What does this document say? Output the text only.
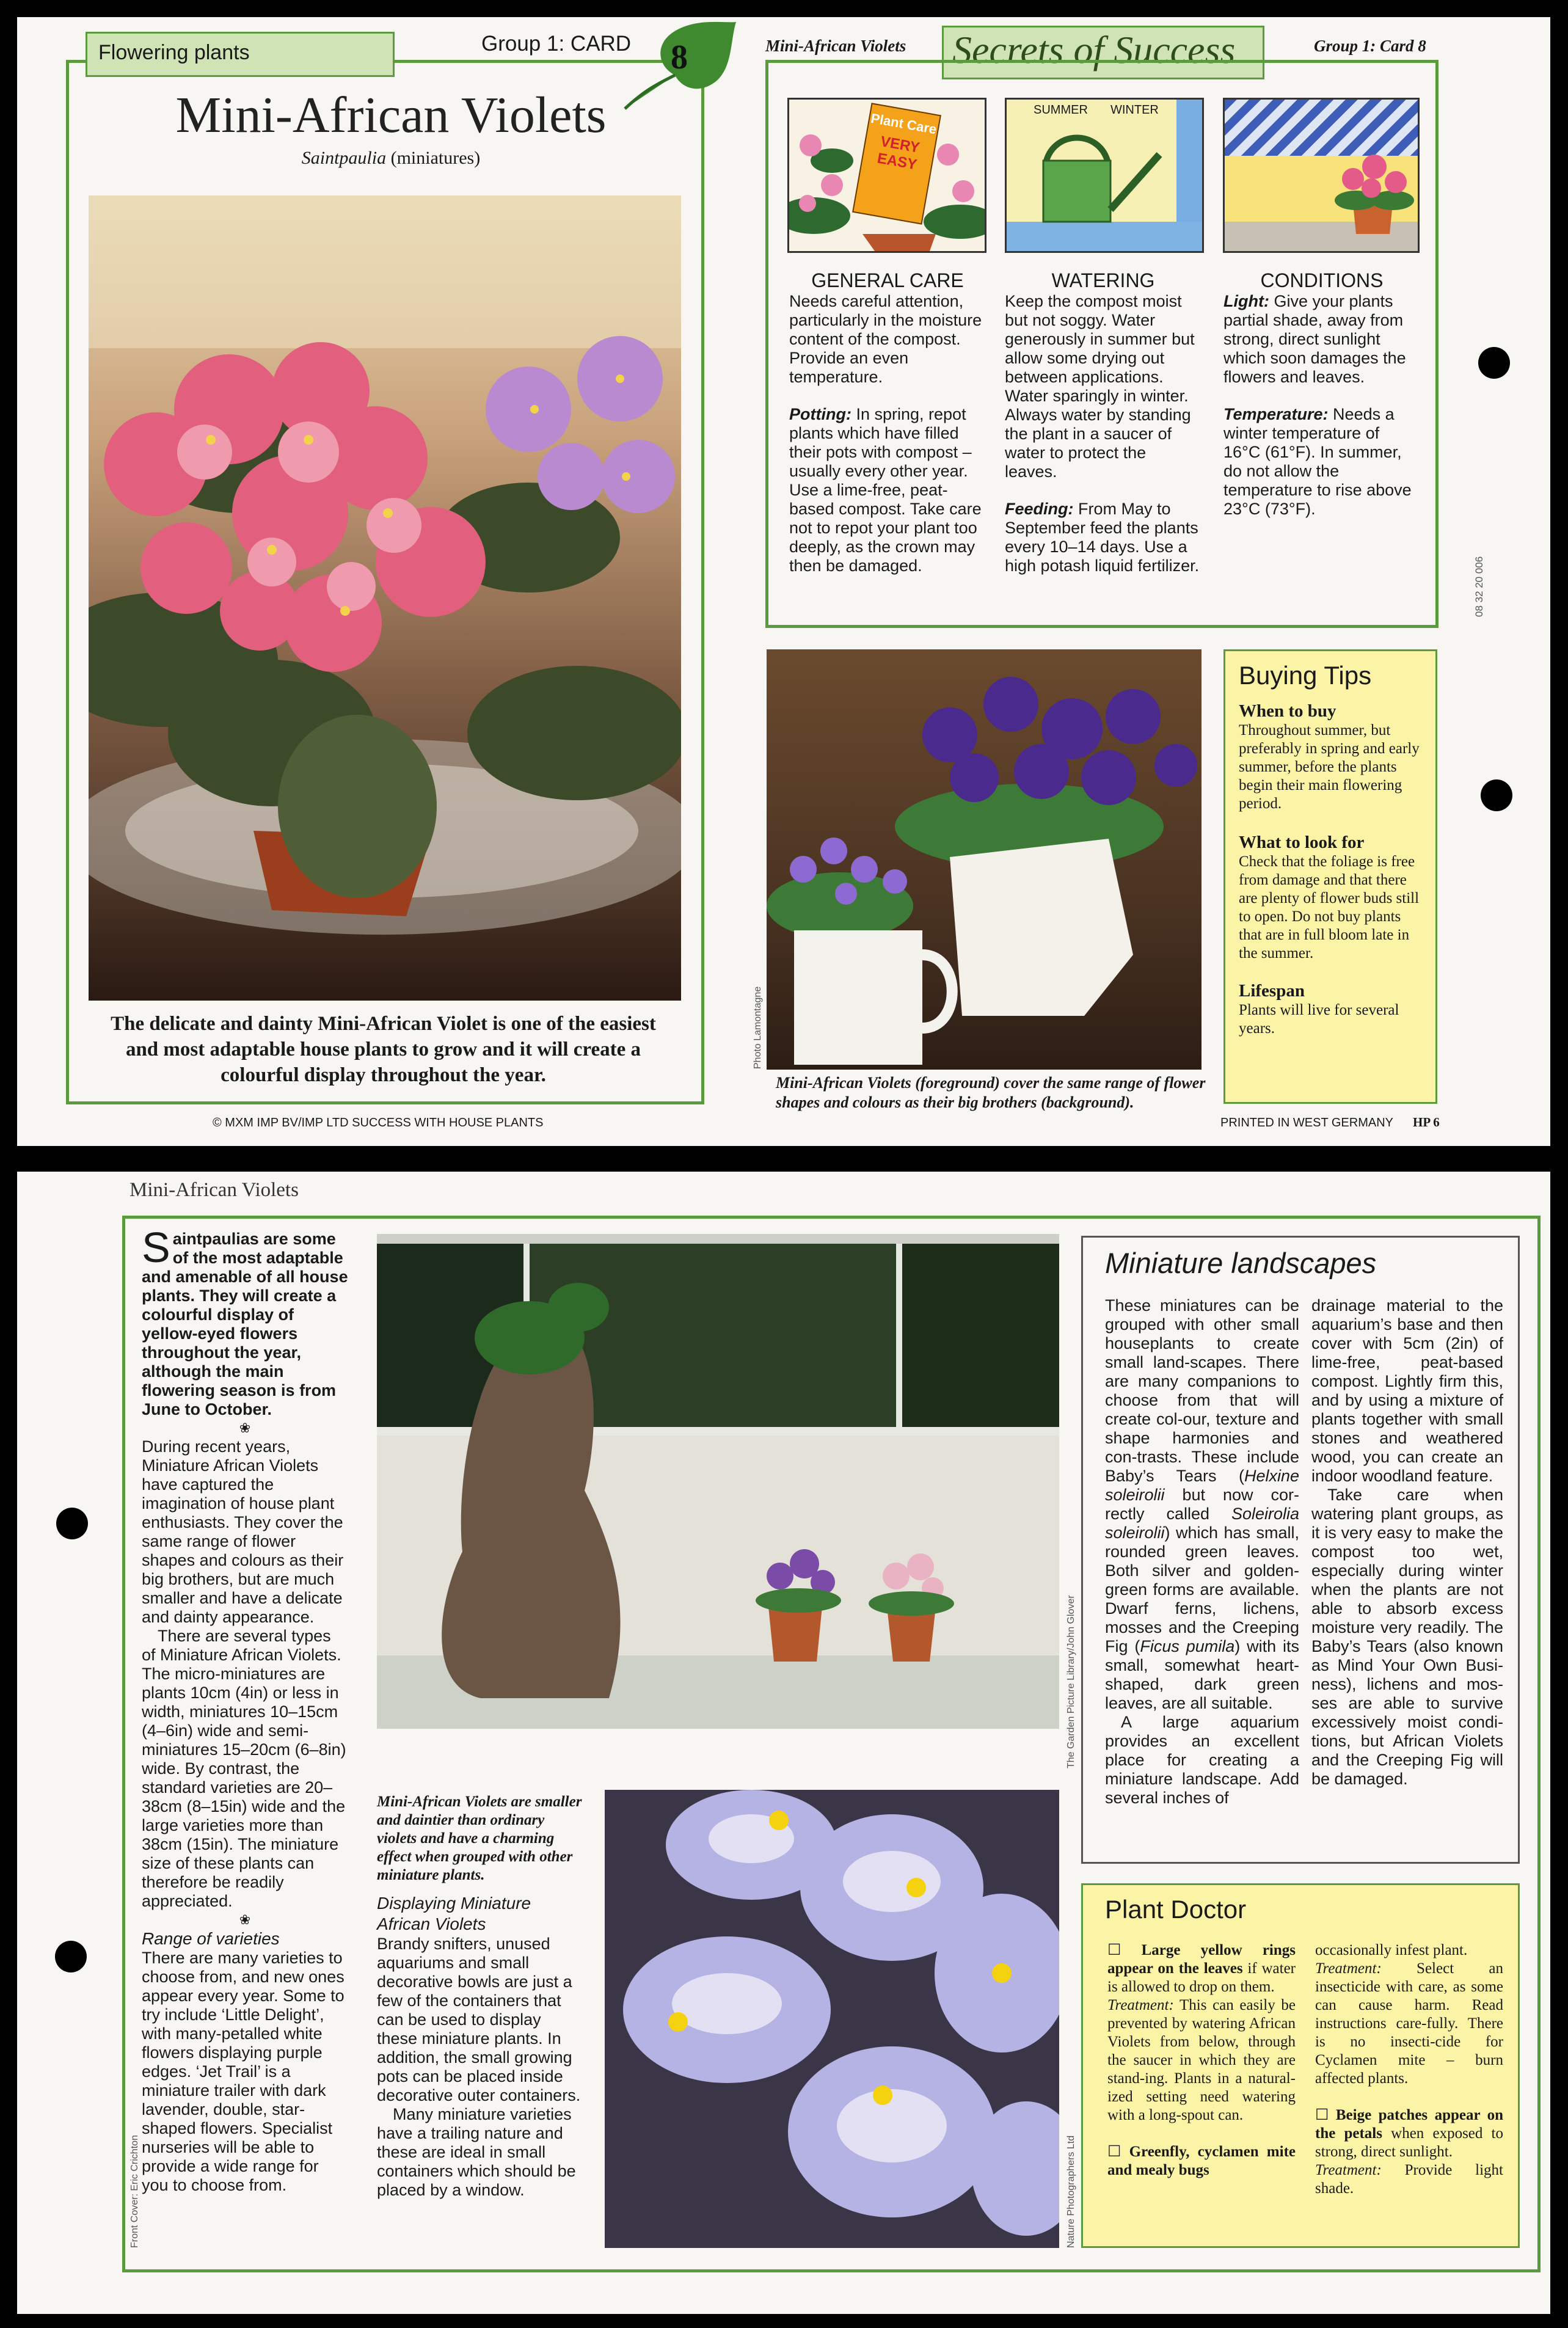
Flowering plants	Group 1: CARD 8
Mini-African Violets
Saintpaulia (miniatures)
The delicate and dainty Mini-African Violet is one of the easiest and most adaptable house plants to grow and it will create a colourful display throughout the year.
© MXM IMP BV/IMP LTD SUCCESS WITH HOUSE PLANTS
Mini-African Violets Secrets of Success	Group 1: Card 8
Plant Care
VERY
EASY
SUMMER WINTER
GENERAL CARE

Needs careful attention, particularly in the moisture content of the compost. Provide an even temperature.

Potting: In spring, repot plants which have filled their pots with compost – usually every other year. Use a lime-free, peat-based compost. Take care not to repot your plant too deeply, as the crown may then be damaged.

WATERING

Keep the compost moist but not soggy. Water generously in summer but allow some drying out between applications. Water sparingly in winter. Always water by standing the plant in a saucer of water to protect the leaves.

Feeding: From May to September feed the plants every 10–14 days. Use a high potash liquid fertilizer.

CONDITIONS

Light: Give your plants partial shade, away from strong, direct sunlight which soon damages the flowers and leaves.

Temperature: Needs a winter temperature of 16°C (61°F). In summer, do not allow the temperature to rise above 23°C (73°F).

08 32 20 006
Photo Lamontagne
Mini-African Violets (foreground) cover the same range of flower shapes and colours as their big brothers (background).
Buying Tips
When to buy

Throughout summer, but preferably in spring and early summer, before the plants begin their main flowering period.

What to look for

Check that the foliage is free from damage and that there are plenty of flower buds still to open. Do not buy plants that are in full bloom late in the summer.

Lifespan

Plants will live for several years.

PRINTED IN WEST GERMANY HP 6
Mini-African Violets

Saintpaulias are some of the most adaptable and amenable of all house plants. They will create a colourful display of yellow-eyed flowers throughout the year, although the main flowering season is from June to October.

❀

During recent years, Miniature African Violets have captured the imagination of house plant enthusiasts. They cover the same range of flower shapes and colours as their big brothers, but are much smaller and have a delicate and dainty appearance.

There are several types of Miniature African Violets. The micro-miniatures are plants 10cm (4in) or less in width, miniatures 10–15cm (4–6in) wide and semi-miniatures 15–20cm (6–8in) wide. By contrast, the standard varieties are 20–38cm (8–15in) wide and the large varieties more than 38cm (15in). The miniature size of these plants can therefore be readily appreciated.

❀
Range of varieties

There are many varieties to choose from, and new ones appear every year. Some to try include ‘Little Delight’, with many-petalled white flowers displaying purple edges. ‘Jet Trail’ is a miniature trailer with dark lavender, double, star-shaped flowers. Specialist nurseries will be able to provide a wide range for you to choose from.

Front Cover: Eric Crichton
The Garden Picture Library/John Glover

Mini-African Violets are smaller and daintier than ordinary violets and have a charming effect when grouped with other miniature plants.

Displaying Miniature African Violets

Brandy snifters, unused aquariums and small decorative bowls are just a few of the containers that can be used to display these miniature plants. In addition, the small growing pots can be placed inside decorative outer containers.

Many miniature varieties have a trailing nature and these are ideal in small containers which should be placed by a window.	Nature Photographers Ltd
Miniature landscapes
These miniatures can be grouped with other small houseplants to create small land-scapes. There are many companions to choose from that will create col-our, texture and shape harmonies and con-trasts. These include Baby’s Tears (Helxine soleirolii but now cor-rectly called Soleirolia soleirolii) which has small, rounded green leaves. Both silver and golden-green forms are available. Dwarf ferns, lichens, mosses and the Creeping Fig (Ficus pumila) with its small, somewhat heart-shaped, dark green leaves, are all suitable.

A large aquarium provides an excellent place for creating a miniature landscape. Add several inches of

drainage material to the aquarium’s base and then cover with 5cm (2in) of lime-free, peat-based compost. Lightly firm this, and by using a mixture of plants together with small stones and weathered wood, you can create an indoor woodland feature.

Take care when watering plant groups, as it is very easy to make the compost too wet, especially during winter when the plants are not able to absorb excess moisture very readily. The Baby’s Tears (also known as Mind Your Own Busi-ness), lichens and mos-ses are able to survive excessively moist condi-tions, but African Violets and the Creeping Fig will be damaged.

Plant Doctor

☐ Large yellow rings appear on the leaves if water is allowed to drop on them.

Treatment: This can easily be prevented by watering African Violets from below, through the saucer in which they are stand-ing. Plants in a natural-ized setting need watering with a long-spout can.

☐ Greenfly, cyclamen mite and mealy bugs

occasionally infest plant.

Treatment: Select an insecticide with care, as some can cause harm. Read instructions care-fully. There is no insecti-cide for Cyclamen mite – burn affected plants.

☐ Beige patches appear on the petals when exposed to strong, direct sunlight.

Treatment: Provide light shade.
